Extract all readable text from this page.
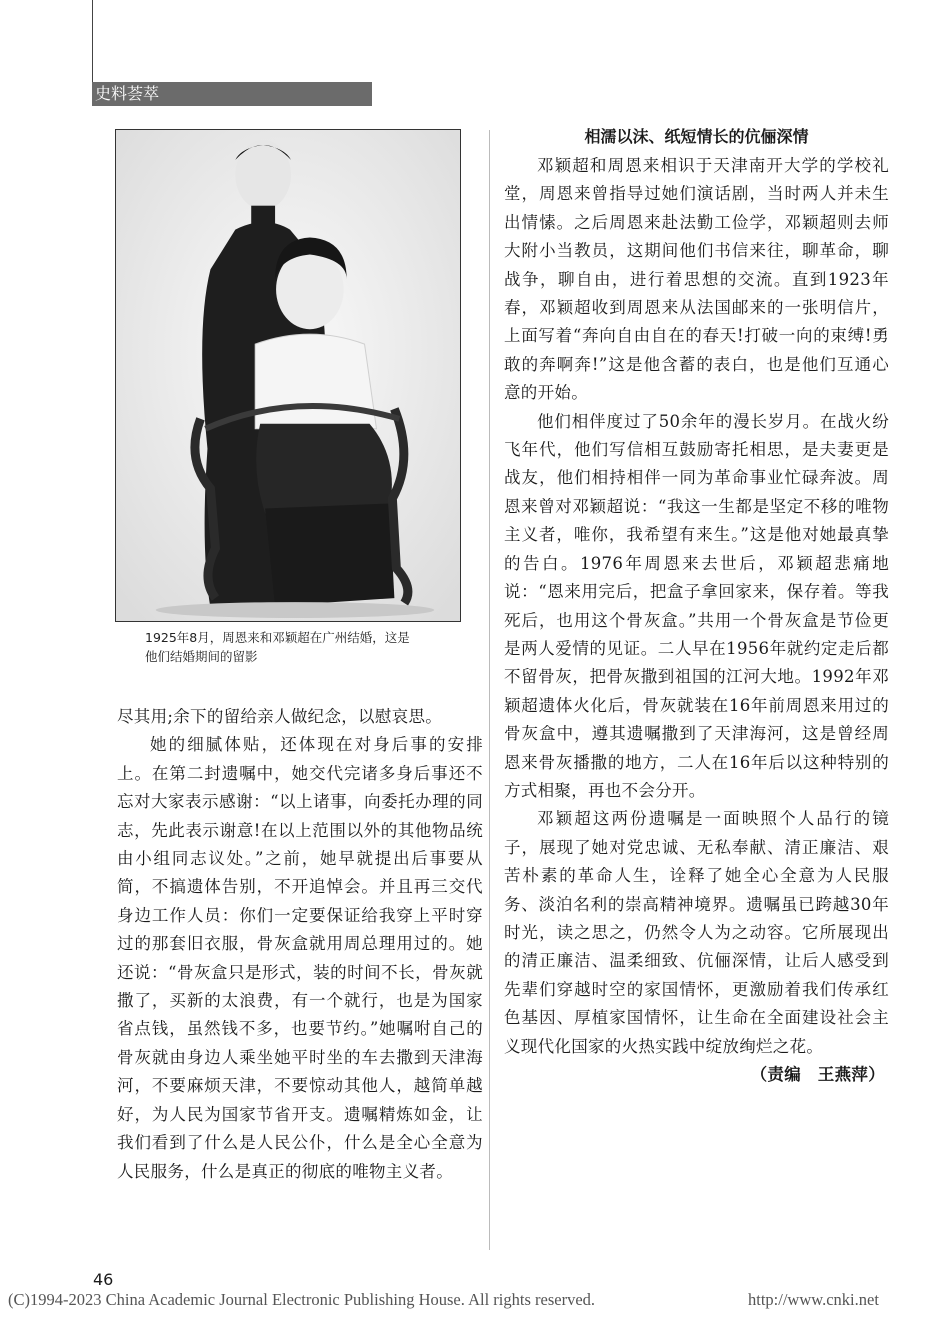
史料荟萃

1925年8月，周恩来和邓颖超在广州结婚，这是

他们结婚期间的留影

尽其用;余下的留给亲人做纪念，以慰哀思。

她的细腻体贴，还体现在对身后事的安排上。在第二封遗嘱中，她交代完诸多身后事还不忘对大家表示感谢：“以上诸事，向委托办理的同志，先此表示谢意!在以上范围以外的其他物品统由小组同志议处。”之前，她早就提出后事要从简，不搞遗体告别，不开追悼会。并且再三交代身边工作人员：你们一定要保证给我穿上平时穿过的那套旧衣服，骨灰盒就用周总理用过的。她还说：“骨灰盒只是形式，装的时间不长，骨灰就撒了，买新的太浪费，有一个就行，也是为国家省点钱，虽然钱不多，也要节约。”她嘱咐自己的骨灰就由身边人乘坐她平时坐的车去撒到天津海河，不要麻烦天津，不要惊动其他人，越简单越好，为人民为国家节省开支。遗嘱精炼如金，让我们看到了什么是人民公仆，什么是全心全意为人民服务，什么是真正的彻底的唯物主义者。

相濡以沫、纸短情长的伉俪深情

邓颖超和周恩来相识于天津南开大学的学校礼堂，周恩来曾指导过她们演话剧，当时两人并未生出情愫。之后周恩来赴法勤工俭学，邓颖超则去师大附小当教员，这期间他们书信来往，聊革命，聊战争，聊自由，进行着思想的交流。直到1923年春，邓颖超收到周恩来从法国邮来的一张明信片，上面写着“奔向自由自在的春天!打破一向的束缚!勇敢的奔啊奔!”这是他含蓄的表白，也是他们互通心意的开始。

他们相伴度过了50余年的漫长岁月。在战火纷飞年代，他们写信相互鼓励寄托相思，是夫妻更是战友，他们相持相伴一同为革命事业忙碌奔波。周恩来曾对邓颖超说：“我这一生都是坚定不移的唯物主义者，唯你，我希望有来生。”这是他对她最真挚的告白。1976年周恩来去世后，邓颖超悲痛地说：“恩来用完后，把盒子拿回家来，保存着。等我死后，也用这个骨灰盒。”共用一个骨灰盒是节俭更是两人爱情的见证。二人早在1956年就约定走后都不留骨灰，把骨灰撒到祖国的江河大地。1992年邓颖超遗体火化后，骨灰就装在16年前周恩来用过的骨灰盒中，遵其遗嘱撒到了天津海河，这是曾经周恩来骨灰播撒的地方，二人在16年后以这种特别的方式相聚，再也不会分开。

邓颖超这两份遗嘱是一面映照个人品行的镜子，展现了她对党忠诚、无私奉献、清正廉洁、艰苦朴素的革命人生，诠释了她全心全意为人民服务、淡泊名利的崇高精神境界。遗嘱虽已跨越30年时光，读之思之，仍然令人为之动容。它所展现出的清正廉洁、温柔细致、伉俪深情，让后人感受到先辈们穿越时空的家国情怀，更激励着我们传承红色基因、厚植家国情怀，让生命在全面建设社会主义现代化国家的火热实践中绽放绚烂之花。

（责编　王燕萍）

46
(C)1994-2023 China Academic Journal Electronic Publishing House. All rights reserved.	http://www.cnki.net
